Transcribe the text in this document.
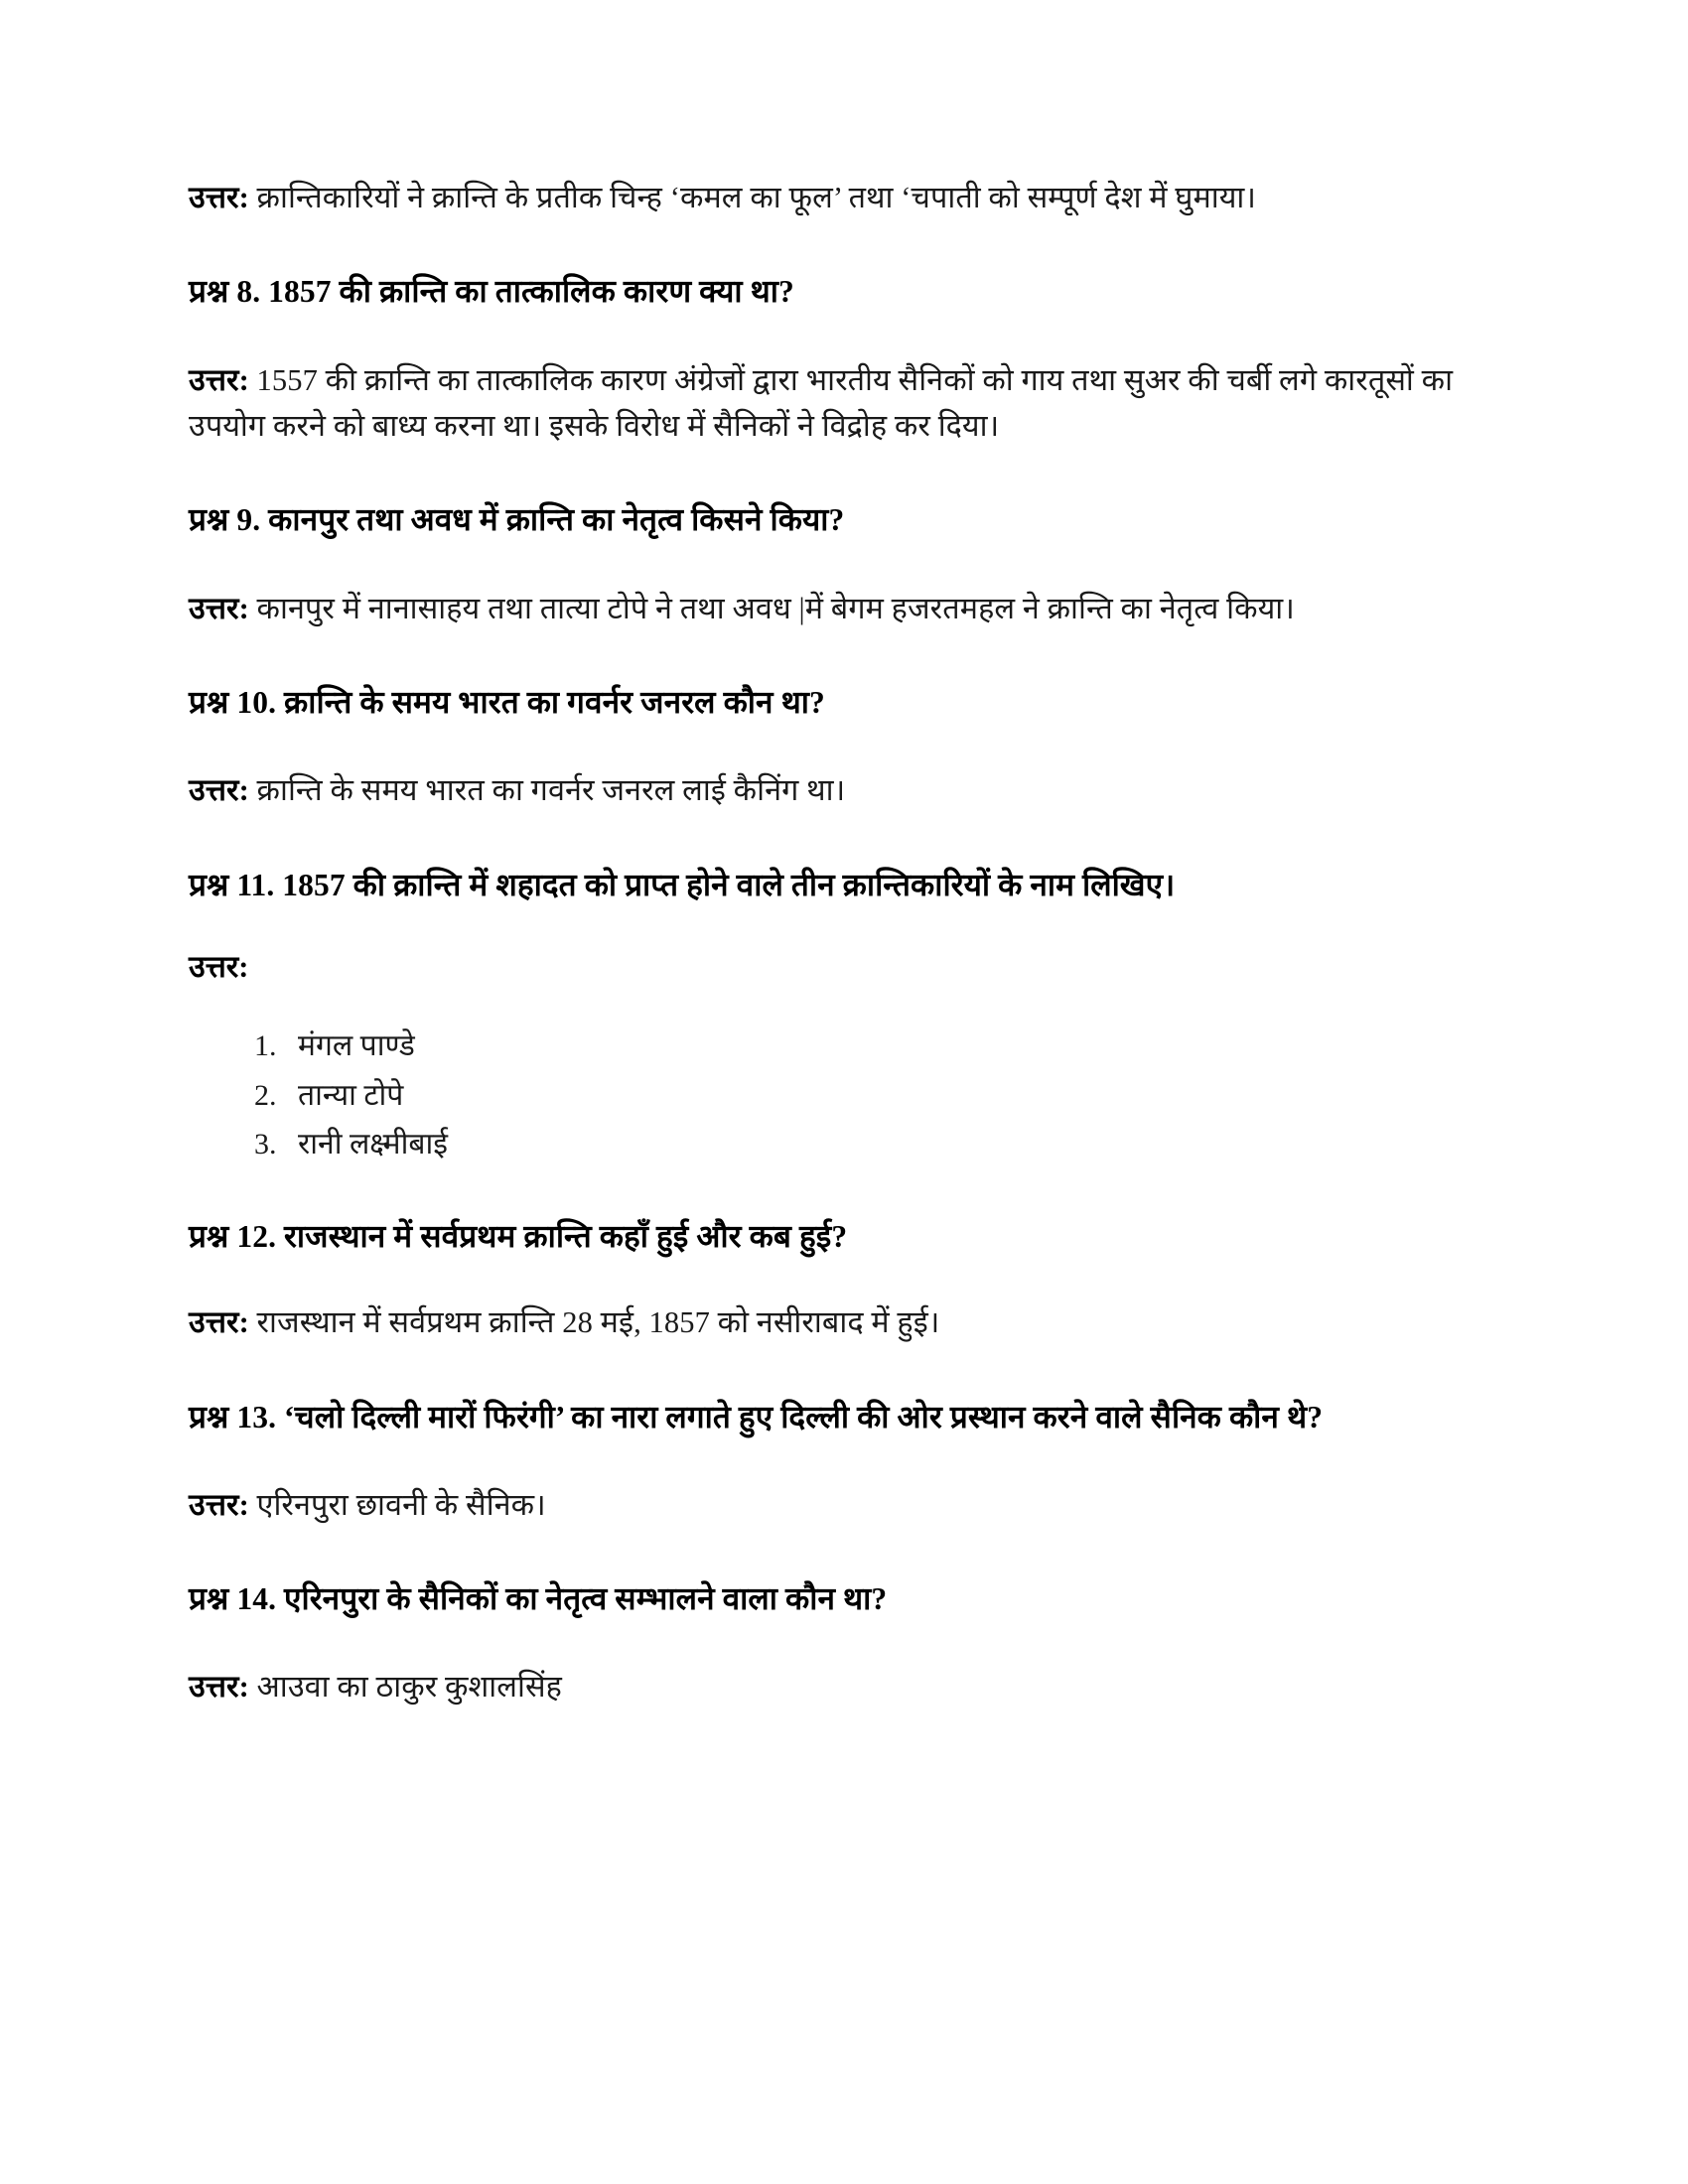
उत्तर: क्रान्तिकारियों ने क्रान्ति के प्रतीक चिन्ह ‘कमल का फूल’ तथा ‘चपाती को सम्पूर्ण देश में घुमाया।

प्रश्न 8. 1857 की क्रान्ति का तात्कालिक कारण क्या था?

उत्तर: 1557 की क्रान्ति का तात्कालिक कारण अंग्रेजों द्वारा भारतीय सैनिकों को गाय तथा सुअर की चर्बी लगे कारतूसों का उपयोग करने को बाध्य करना था। इसके विरोध में सैनिकों ने विद्रोह कर दिया।

प्रश्न 9. कानपुर तथा अवध में क्रान्ति का नेतृत्व किसने किया?

उत्तर: कानपुर में नानासाहय तथा तात्या टोपे ने तथा अवध |में बेगम हजरतमहल ने क्रान्ति का नेतृत्व किया।

प्रश्न 10. क्रान्ति के समय भारत का गवर्नर जनरल कौन था?

उत्तर: क्रान्ति के समय भारत का गवर्नर जनरल लाई कैनिंग था।

प्रश्न 11. 1857 की क्रान्ति में शहादत को प्राप्त होने वाले तीन क्रान्तिकारियों के नाम लिखिए।

उत्तर:

1. मंगल पाण्डे
2. तान्या टोपे
3. रानी लक्ष्मीबाई

प्रश्न 12. राजस्थान में सर्वप्रथम क्रान्ति कहाँ हुई और कब हुई?

उत्तर: राजस्थान में सर्वप्रथम क्रान्ति 28 मई, 1857 को नसीराबाद में हुई।

प्रश्न 13. ‘चलो दिल्ली मारों फिरंगी’ का नारा लगाते हुए दिल्ली की ओर प्रस्थान करने वाले सैनिक कौन थे?

उत्तर: एरिनपुरा छावनी के सैनिक।

प्रश्न 14. एरिनपुरा के सैनिकों का नेतृत्व सम्भालने वाला कौन था?

उत्तर: आउवा का ठाकुर कुशालसिंह
